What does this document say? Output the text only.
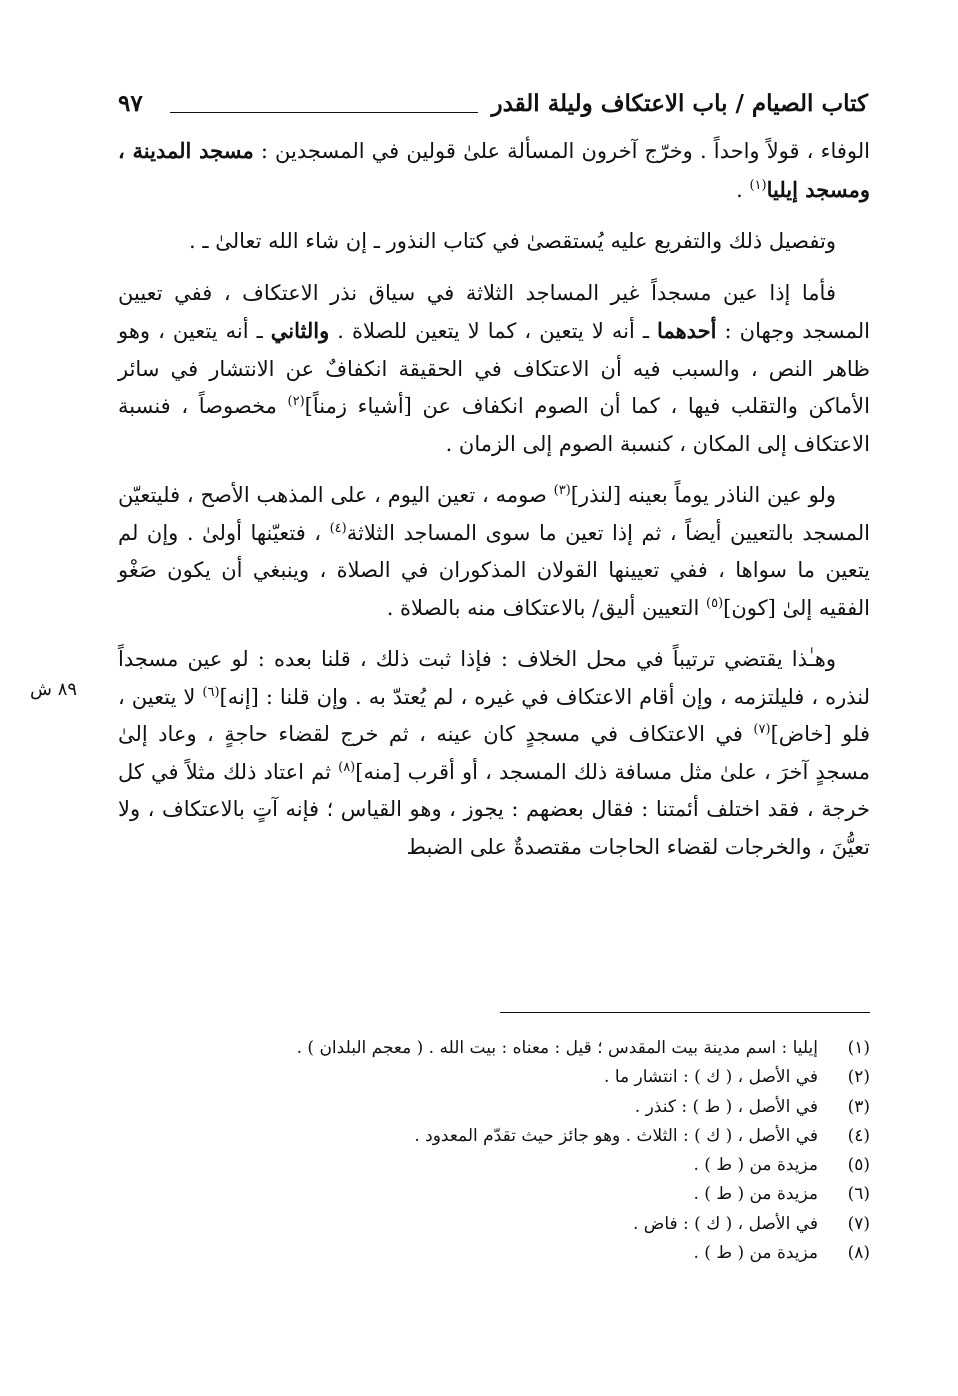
كتاب الصيام / باب الاعتكاف وليلة القدر
٩٧

الوفاء ، قولاً واحداً . وخرّج آخرون المسألة علىٰ قولين في المسجدين : مسجد المدينة ، ومسجد إيليا$^{(١)}$ .

وتفصيل ذلك والتفريع عليه يُستقصىٰ في كتاب النذور ـ إن شاء الله تعالىٰ ـ .

فأما إذا عين مسجداً غير المساجد الثلاثة في سياق نذر الاعتكاف ، ففي تعيين المسجد وجهان : أحدهما ـ أنه لا يتعين ، كما لا يتعين للصلاة . والثاني ـ أنه يتعين ، وهو ظاهر النص ، والسبب فيه أن الاعتكاف في الحقيقة انكفافٌ عن الانتشار في سائر الأماكن والتقلب فيها ، كما أن الصوم انكفاف عن [أشياء زمناً]$^{(٢)}$ مخصوصاً ، فنسبة الاعتكاف إلى المكان ، كنسبة الصوم إلى الزمان .

ولو عين الناذر يوماً بعينه [لنذر]$^{(٣)}$ صومه ، تعين اليوم ، على المذهب الأصح ، فليتعيّن المسجد بالتعيين أيضاً ، ثم إذا تعين ما سوى المساجد الثلاثة$^{(٤)}$ ، فتعيّنها أولىٰ . وإن لم يتعين ما سواها ، ففي تعيينها القولان المذكوران في الصلاة ، وينبغي أن يكون صَغْو الفقيه إلىٰ [كون]$^{(٥)}$ التعيين أليق/ بالاعتكاف منه بالصلاة .

وهـٰذا يقتضي ترتيباً في محل الخلاف : فإذا ثبت ذلك ، قلنا بعده : لو عين مسجداً لنذره ، فليلتزمه ، وإن أقام الاعتكاف في غيره ، لم يُعتدّ به . وإن قلنا : [إنه]$^{(٦)}$ لا يتعين ، فلو [خاض]$^{(٧)}$ في الاعتكاف في مسجدٍ كان عينه ، ثم خرج لقضاء حاجةٍ ، وعاد إلىٰ مسجدٍ آخرَ ، علىٰ مثل مسافة ذلك المسجد ، أو أقرب [منه]$^{(٨)}$ ثم اعتاد ذلك مثلاً في كل خرجة ، فقد اختلف أئمتنا : فقال بعضهم : يجوز ، وهو القياس ؛ فإنه آتٍ بالاعتكاف ، ولا تعيُّنَ ، والخرجات لقضاء الحاجات مقتصدةٌ على الضبط

٨٩ ش
(١)
إيليا : اسم مدينة بيت المقدس ؛ قيل : معناه : بيت الله . ( معجم البلدان ) .
(٢)
في الأصل ، ( ك ) : انتشار ما .
(٣)
في الأصل ، ( ط ) : كنذر .
(٤)
في الأصل ، ( ك ) : الثلاث . وهو جائز حيث تقدّم المعدود .
(٥)
مزيدة من ( ط ) .
(٦)
مزيدة من ( ط ) .
(٧)
في الأصل ، ( ك ) : فاض .
(٨)
مزيدة من ( ط ) .
